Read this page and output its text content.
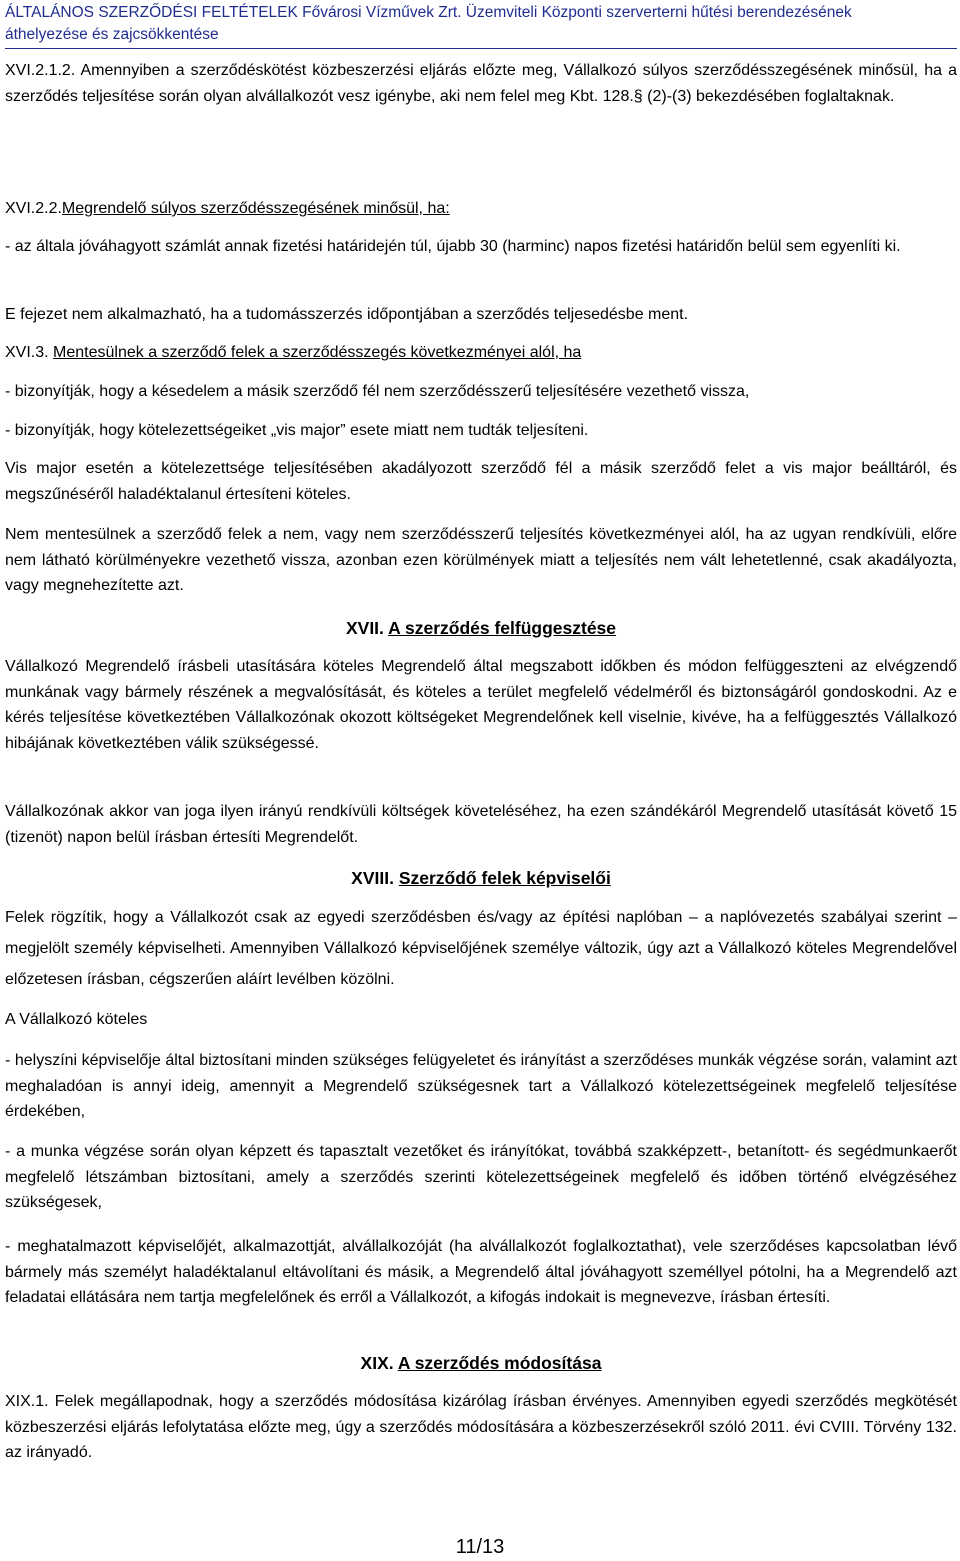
ÁLTALÁNOS SZERZŐDÉSI FELTÉTELEK Fővárosi Vízművek Zrt. Üzemviteli Központi szerverterni hűtési berendezésének
áthelyezése és zajcsökkentése

XVI.2.1.2. Amennyiben a szerződéskötést közbeszerzési eljárás előzte meg, Vállalkozó súlyos szerződésszegésének minősül, ha a szerződés teljesítése során olyan alvállalkozót vesz igénybe, aki nem felel meg Kbt. 128.§ (2)-(3) bekezdésében foglaltaknak.

XVI.2.2.Megrendelő súlyos szerződésszegésének minősül, ha:

- az általa jóváhagyott számlát annak fizetési határidején túl, újabb 30 (harminc) napos fizetési határidőn belül sem egyenlíti ki.

E fejezet nem alkalmazható, ha a tudomásszerzés időpontjában a szerződés teljesedésbe ment.

XVI.3. Mentesülnek a szerződő felek a szerződésszegés következményei alól, ha

- bizonyítják, hogy a késedelem a másik szerződő fél nem szerződésszerű teljesítésére vezethető vissza,

- bizonyítják, hogy kötelezettségeiket „vis major” esete miatt nem tudták teljesíteni.

Vis major esetén a kötelezettsége teljesítésében akadályozott szerződő fél a másik szerződő felet a vis major beálltáról, és megszűnéséről haladéktalanul értesíteni köteles.

Nem mentesülnek a szerződő felek a nem, vagy nem szerződésszerű teljesítés következményei alól, ha az ugyan rendkívüli, előre nem látható körülményekre vezethető vissza, azonban ezen körülmények miatt a teljesítés nem vált lehetetlenné, csak akadályozta, vagy megnehezítette azt.

XVII. A szerződés felfüggesztése

Vállalkozó Megrendelő írásbeli utasítására köteles Megrendelő által megszabott időkben és módon felfüggeszteni az elvégzendő munkának vagy bármely részének a megvalósítását, és köteles a terület megfelelő védelméről és biztonságáról gondoskodni. Az e kérés teljesítése következtében Vállalkozónak okozott költségeket Megrendelőnek kell viselnie, kivéve, ha a felfüggesztés Vállalkozó hibájának következtében válik szükségessé.

Vállalkozónak akkor van joga ilyen irányú rendkívüli költségek követeléséhez, ha ezen szándékáról Megrendelő utasítását követő 15 (tizenöt) napon belül írásban értesíti Megrendelőt.

XVIII. Szerződő felek képviselői

Felek rögzítik, hogy a Vállalkozót csak az egyedi szerződésben és/vagy az építési naplóban – a naplóvezetés szabályai szerint – megjelölt személy képviselheti. Amennyiben Vállalkozó képviselőjének személye változik, úgy azt a Vállalkozó köteles Megrendelővel előzetesen írásban, cégszerűen aláírt levélben közölni.

A Vállalkozó köteles

- helyszíni képviselője által biztosítani minden szükséges felügyeletet és irányítást a szerződéses munkák végzése során, valamint azt meghaladóan is annyi ideig, amennyit a Megrendelő szükségesnek tart a Vállalkozó kötelezettségeinek megfelelő teljesítése érdekében,

- a munka végzése során olyan képzett és tapasztalt vezetőket és irányítókat, továbbá szakképzett-, betanított- és segédmunkaerőt megfelelő létszámban biztosítani, amely a szerződés szerinti kötelezettségeinek megfelelő és időben történő elvégzéséhez szükségesek,

- meghatalmazott képviselőjét, alkalmazottját, alvállalkozóját (ha alvállalkozót foglalkoztathat), vele szerződéses kapcsolatban lévő bármely más személyt haladéktalanul eltávolítani és másik, a Megrendelő által jóváhagyott személlyel pótolni, ha a Megrendelő azt feladatai ellátására nem tartja megfelelőnek és erről a Vállalkozót, a kifogás indokait is megnevezve, írásban értesíti.

XIX. A szerződés módosítása

XIX.1. Felek megállapodnak, hogy a szerződés módosítása kizárólag írásban érvényes. Amennyiben egyedi szerződés megkötését közbeszerzési eljárás lefolytatása előzte meg, úgy a szerződés módosítására a közbeszerzésekről szóló 2011. évi CVIII. Törvény 132. az irányadó.

11/13
